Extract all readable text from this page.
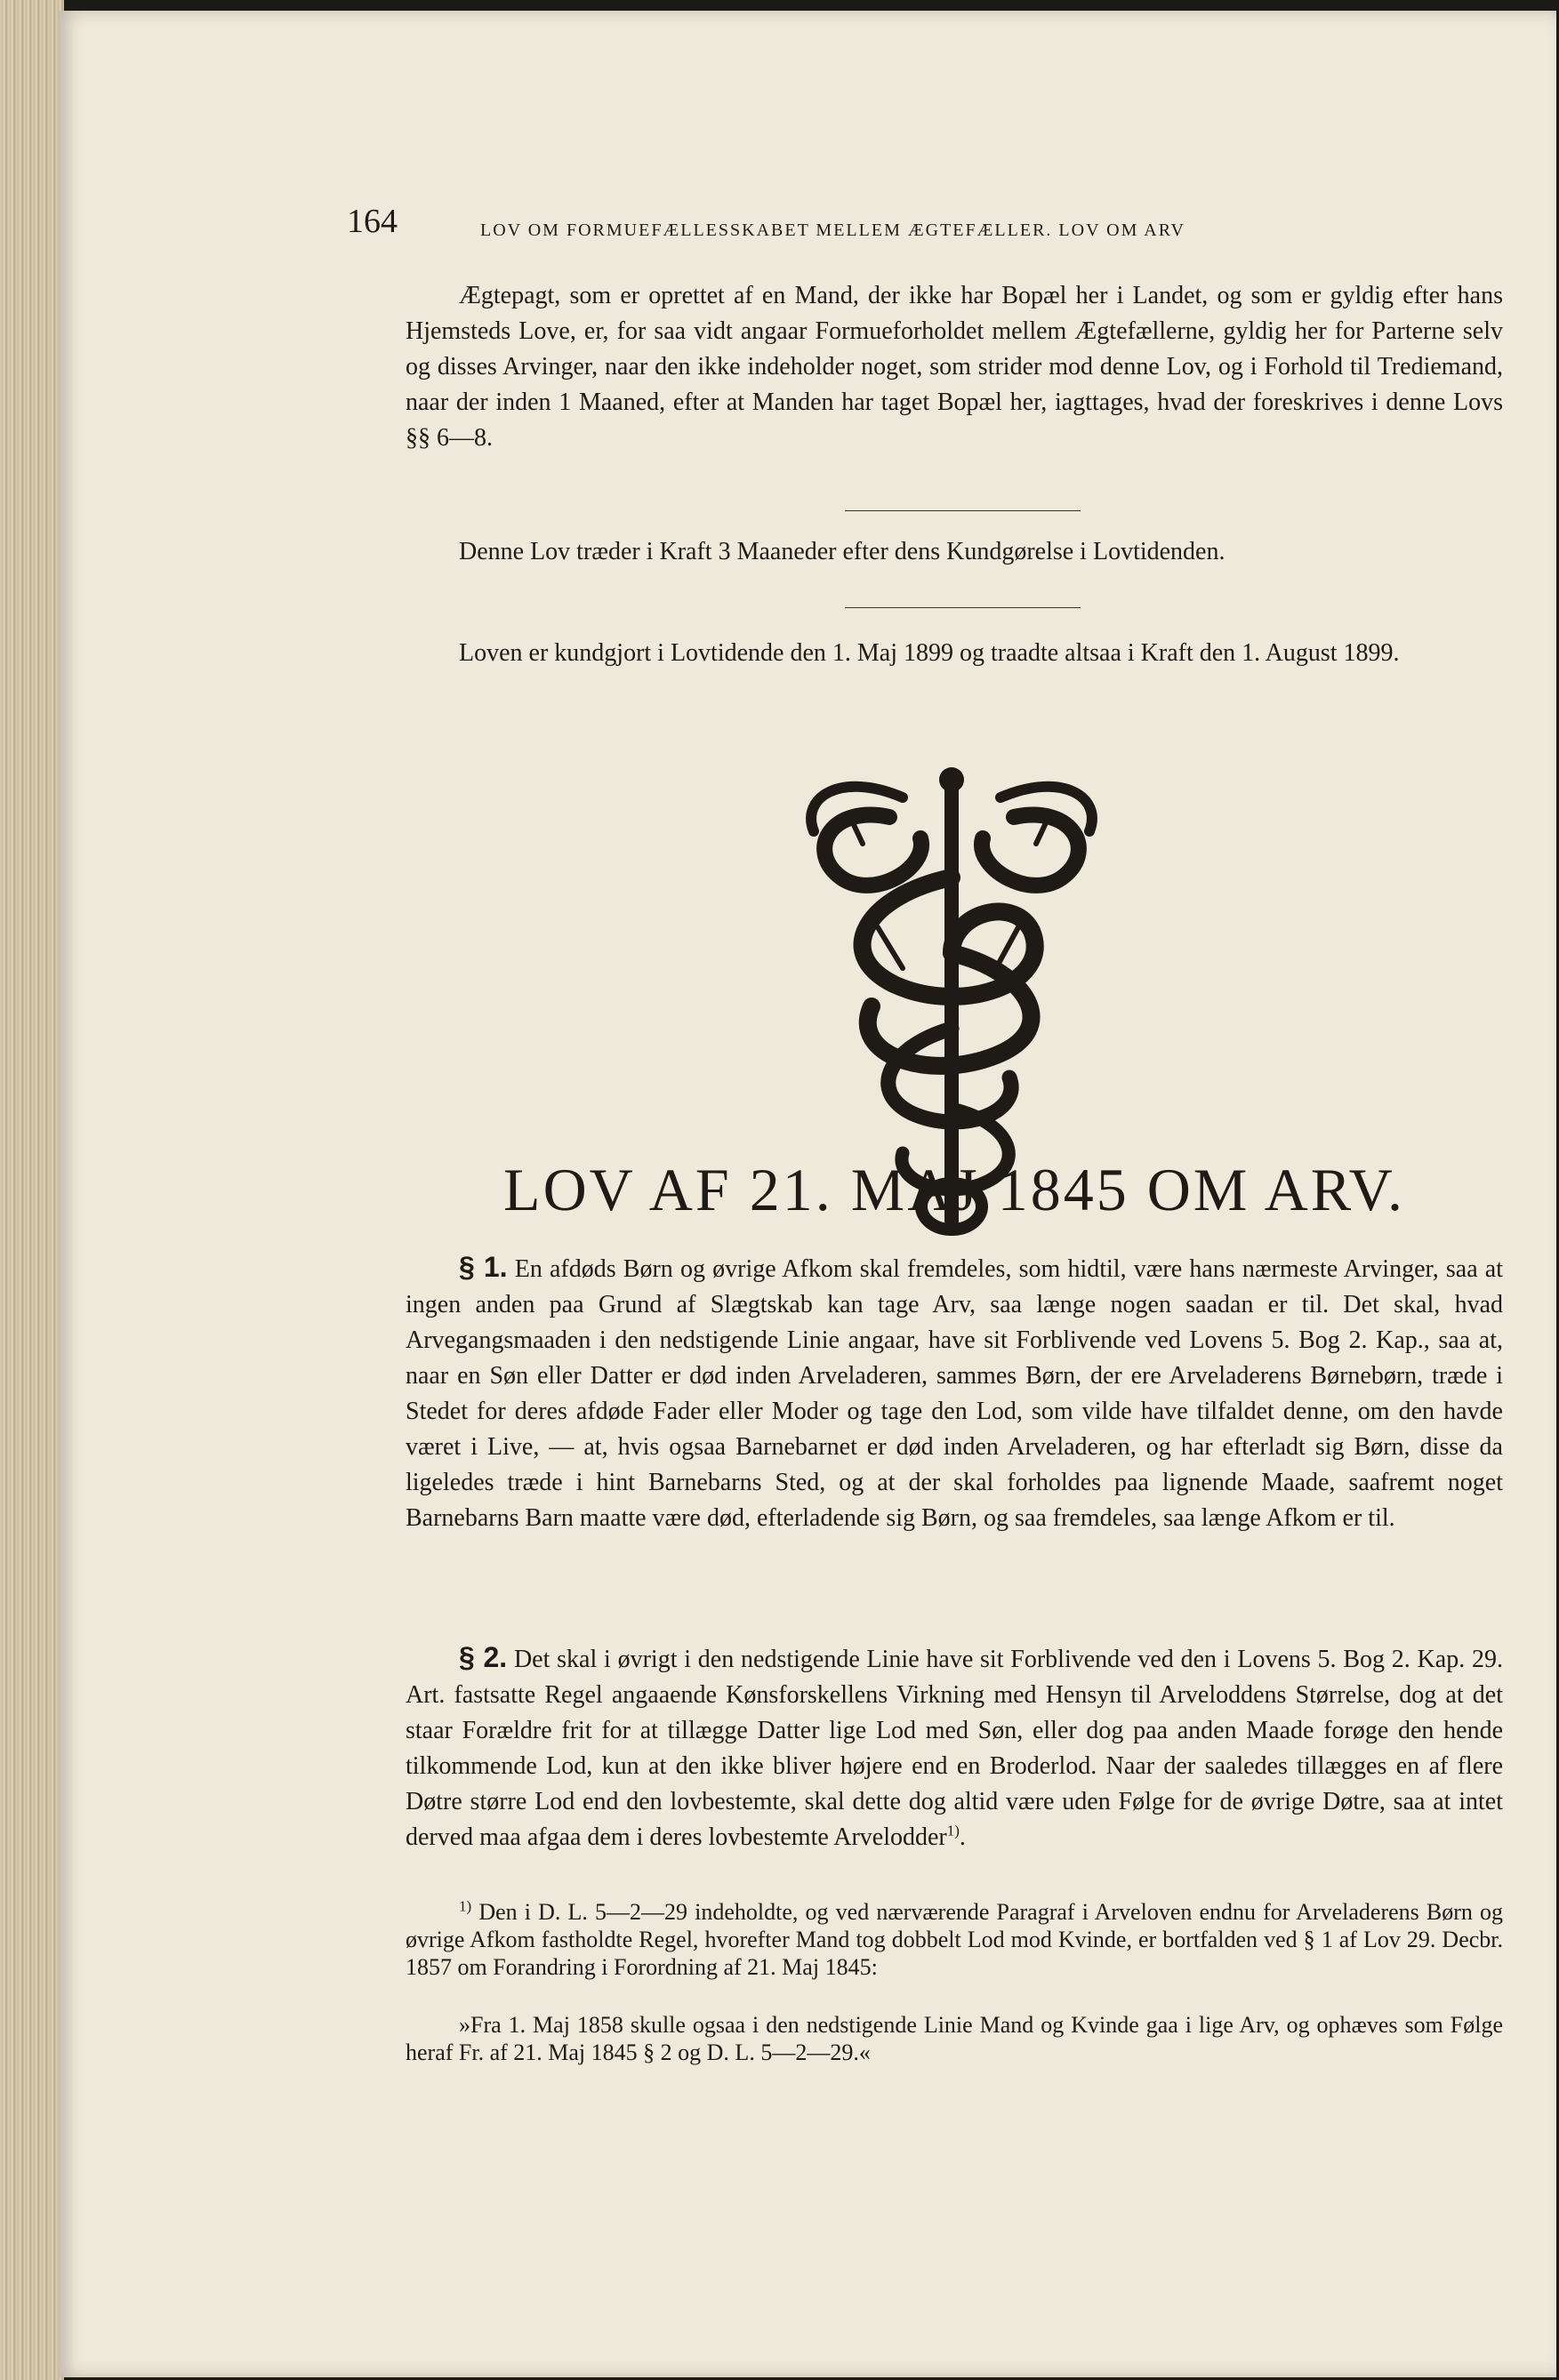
164	LOV OM FORMUEFÆLLESSKABET MELLEM ÆGTEFÆLLER. LOV OM ARV

Ægtepagt, som er oprettet af en Mand, der ikke har Bopæl her i Landet, og som er gyldig efter hans Hjemsteds Love, er, for saa vidt angaar Formueforholdet mellem Ægtefællerne, gyldig her for Parterne selv og disses Arvinger, naar den ikke indeholder noget, som strider mod denne Lov, og i Forhold til Trediemand, naar der inden 1 Maaned, efter at Manden har taget Bopæl her, iagttages, hvad der foreskrives i denne Lovs §§ 6—8.

Denne Lov træder i Kraft 3 Maaneder efter dens Kundgørelse i Lovtidenden.

Loven er kundgjort i Lovtidende den 1. Maj 1899 og traadte altsaa i Kraft den 1. August 1899.

LOV AF 21. MAJ 1845 OM ARV.

§ 1. En afdøds Børn og øvrige Afkom skal fremdeles, som hidtil, være hans nærmeste Arvinger, saa at ingen anden paa Grund af Slægtskab kan tage Arv, saa længe nogen saadan er til. Det skal, hvad Arvegangsmaaden i den nedstigende Linie angaar, have sit Forblivende ved Lovens 5. Bog 2. Kap., saa at, naar en Søn eller Datter er død inden Arveladeren, sammes Børn, der ere Arveladerens Børnebørn, træde i Stedet for deres afdøde Fader eller Moder og tage den Lod, som vilde have tilfaldet denne, om den havde været i Live, — at, hvis ogsaa Barnebarnet er død inden Arveladeren, og har efterladt sig Børn, disse da ligeledes træde i hint Barnebarns Sted, og at der skal forholdes paa lignende Maade, saafremt noget Barnebarns Barn maatte være død, efterladende sig Børn, og saa fremdeles, saa længe Afkom er til.

§ 2. Det skal i øvrigt i den nedstigende Linie have sit Forblivende ved den i Lovens 5. Bog 2. Kap. 29. Art. fastsatte Regel angaaende Kønsforskellens Virkning med Hensyn til Arveloddens Størrelse, dog at det staar Forældre frit for at tillægge Datter lige Lod med Søn, eller dog paa anden Maade forøge den hende tilkommende Lod, kun at den ikke bliver højere end en Broderlod. Naar der saaledes tillægges en af flere Døtre større Lod end den lovbestemte, skal dette dog altid være uden Følge for de øvrige Døtre, saa at intet derved maa afgaa dem i deres lovbestemte Arvelodder$^{1)}$.

$^{1)}$ Den i D. L. 5—2—29 indeholdte, og ved nærværende Paragraf i Arveloven endnu for Arveladerens Børn og øvrige Afkom fastholdte Regel, hvorefter Mand tog dobbelt Lod mod Kvinde, er bortfalden ved § 1 af Lov 29. Decbr. 1857 om Forandring i Forordning af 21. Maj 1845:

»Fra 1. Maj 1858 skulle ogsaa i den nedstigende Linie Mand og Kvinde gaa i lige Arv, og ophæves som Følge heraf Fr. af 21. Maj 1845 § 2 og D. L. 5—2—29.«
